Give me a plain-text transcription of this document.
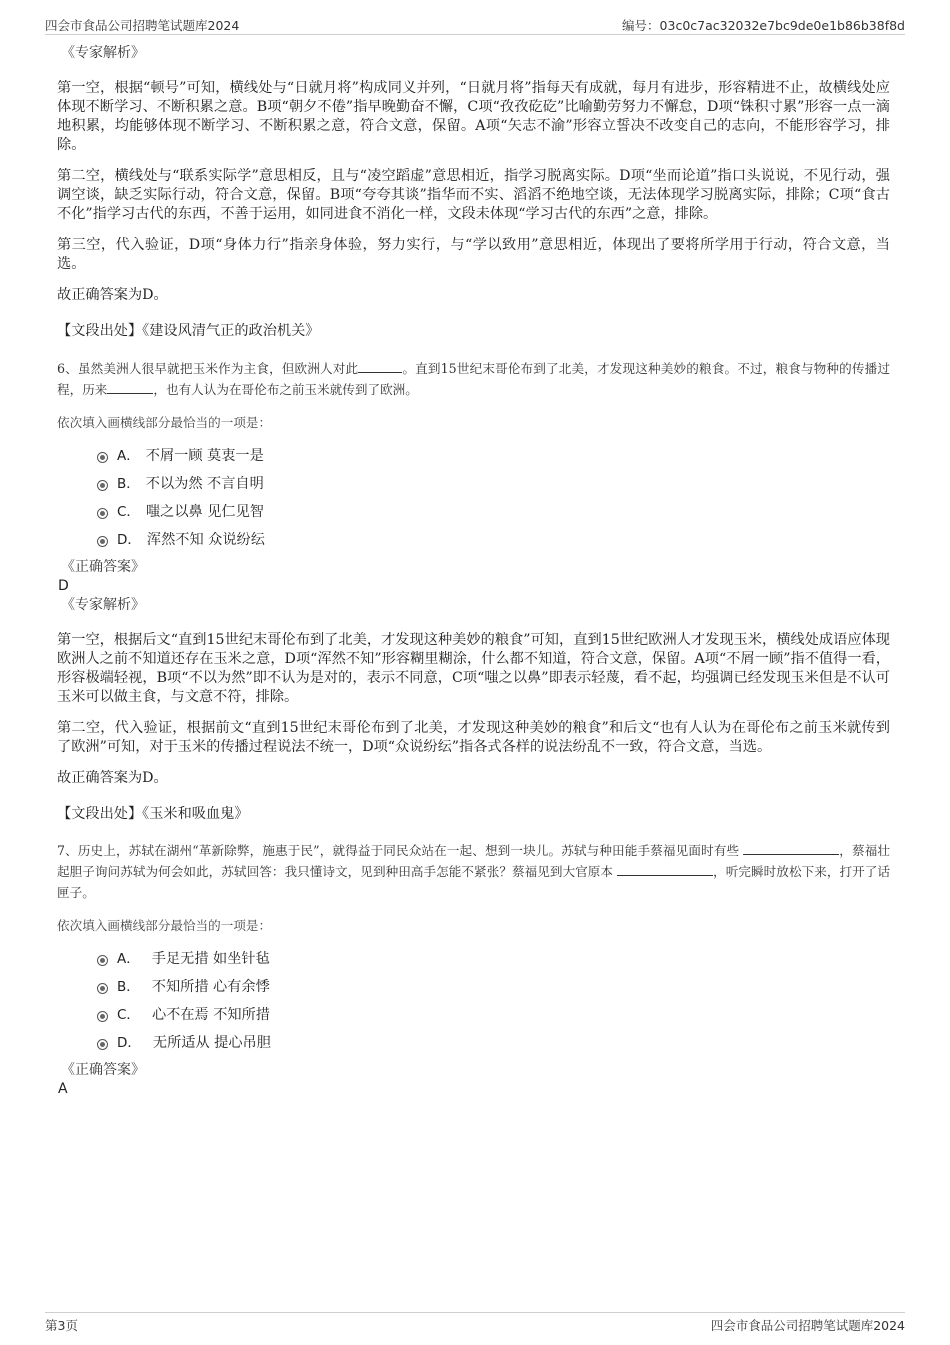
四会市食品公司招聘笔试题库2024	编号：03c0c7ac32032e7bc9de0e1b86b38f8d
《专家解析》
第一空，根据“顿号”可知，横线处与“日就月将”构成同义并列，“日就月将”指每天有成就，每月有进步，形容精进不止，故横线处应体现不断学习、不断积累之意。B项“朝夕不倦”指早晚勤奋不懈，C项“孜孜矻矻”比喻勤劳努力不懈怠，D项“铢积寸累”形容一点一滴地积累，均能够体现不断学习、不断积累之意，符合文意，保留。A项“矢志不渝”形容立誓决不改变自己的志向，不能形容学习，排除。
第二空，横线处与“联系实际学”意思相反，且与“凌空蹈虚”意思相近，指学习脱离实际。D项“坐而论道”指口头说说，不见行动，强调空谈，缺乏实际行动，符合文意，保留。B项“夸夸其谈”指华而不实、滔滔不绝地空谈，无法体现学习脱离实际，排除；C项“食古不化”指学习古代的东西，不善于运用，如同进食不消化一样，文段未体现“学习古代的东西”之意，排除。
第三空，代入验证，D项“身体力行”指亲身体验，努力实行，与“学以致用”意思相近，体现出了要将所学用于行动，符合文意，当选。
故正确答案为D。
【文段出处】《建设风清气正的政治机关》
6、虽然美洲人很早就把玉米作为主食，但欧洲人对此	。直到15世纪末哥伦布到了北美，才发现这种美妙的粮食。不过，粮食与物种的传播过程，历来	，也有人认为在哥伦布之前玉米就传到了欧洲。
依次填入画横线部分最恰当的一项是：
A． 不屑一顾 莫衷一是
B． 不以为然 不言自明
C． 嗤之以鼻 见仁见智
D． 浑然不知 众说纷纭
《正确答案》
D
《专家解析》
第一空，根据后文“直到15世纪末哥伦布到了北美，才发现这种美妙的粮食”可知，直到15世纪欧洲人才发现玉米，横线处成语应体现欧洲人之前不知道还存在玉米之意，D项“浑然不知”形容糊里糊涂，什么都不知道，符合文意，保留。A项“不屑一顾”指不值得一看，形容极端轻视，B项“不以为然”即不认为是对的，表示不同意，C项“嗤之以鼻”即表示轻蔑，看不起，均强调已经发现玉米但是不认可玉米可以做主食，与文意不符，排除。
第二空，代入验证，根据前文“直到15世纪末哥伦布到了北美，才发现这种美妙的粮食”和后文“也有人认为在哥伦布之前玉米就传到了欧洲”可知，对于玉米的传播过程说法不统一，D项“众说纷纭”指各式各样的说法纷乱不一致，符合文意，当选。
故正确答案为D。
【文段出处】《玉米和吸血鬼》
7、历史上，苏轼在湖州“革新除弊，施惠于民”，就得益于同民众站在一起、想到一块儿。苏轼与种田能手蔡福见面时有些	，蔡福壮起胆子询问苏轼为何会如此，苏轼回答：我只懂诗文，见到种田高手怎能不紧张？蔡福见到大官原本	，听完瞬时放松下来，打开了话匣子。
依次填入画横线部分最恰当的一项是：
A． 手足无措 如坐针毡
B． 不知所措 心有余悸
C． 心不在焉 不知所措
D． 无所适从 提心吊胆
《正确答案》
A
第3页	四会市食品公司招聘笔试题库2024
